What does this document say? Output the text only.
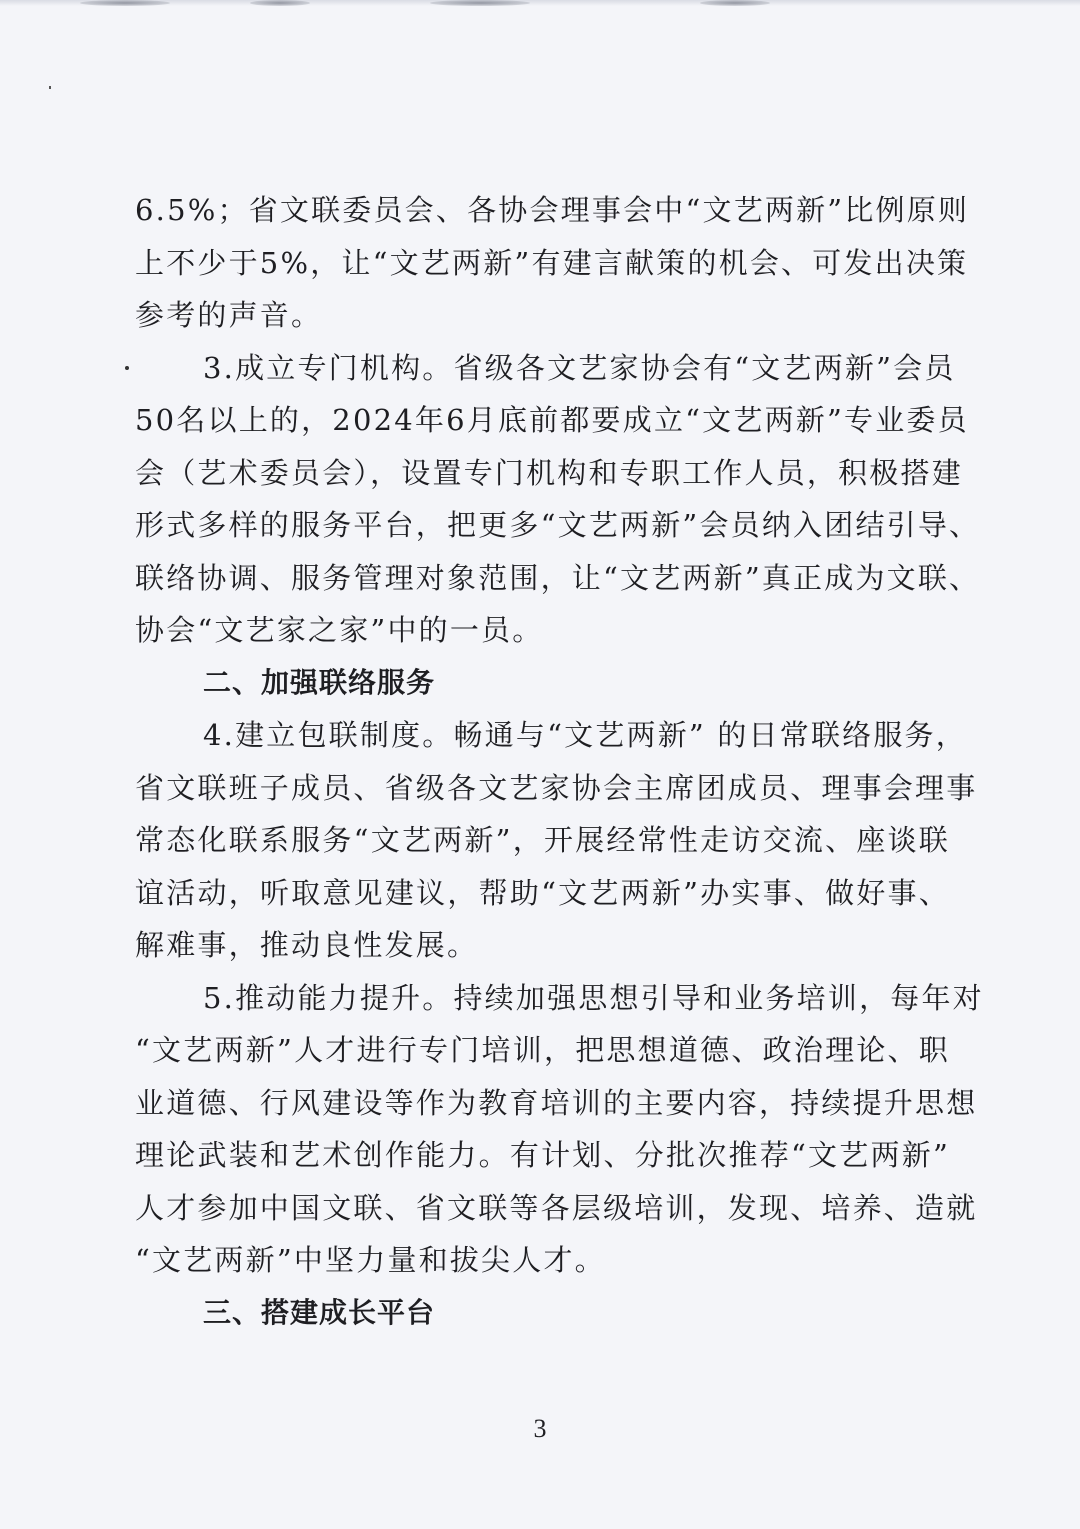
6.5%；省文联委员会、各协会理事会中“文艺两新”比例原则
上不少于5%，让“文艺两新”有建言献策的机会、可发出决策
参考的声音。
3.成立专门机构。省级各文艺家协会有“文艺两新”会员
50名以上的，2024年6月底前都要成立“文艺两新”专业委员
会（艺术委员会），设置专门机构和专职工作人员，积极搭建
形式多样的服务平台，把更多“文艺两新”会员纳入团结引导、
联络协调、服务管理对象范围，让“文艺两新”真正成为文联、
协会“文艺家之家”中的一员。
二、加强联络服务
4.建立包联制度。畅通与“文艺两新” 的日常联络服务，
省文联班子成员、省级各文艺家协会主席团成员、理事会理事
常态化联系服务“文艺两新”，开展经常性走访交流、座谈联
谊活动，听取意见建议，帮助“文艺两新”办实事、做好事、
解难事，推动良性发展。
5.推动能力提升。持续加强思想引导和业务培训，每年对
“文艺两新”人才进行专门培训，把思想道德、政治理论、职
业道德、行风建设等作为教育培训的主要内容，持续提升思想
理论武装和艺术创作能力。有计划、分批次推荐“文艺两新”
人才参加中国文联、省文联等各层级培训，发现、培养、造就
“文艺两新”中坚力量和拔尖人才。
三、搭建成长平台
3
